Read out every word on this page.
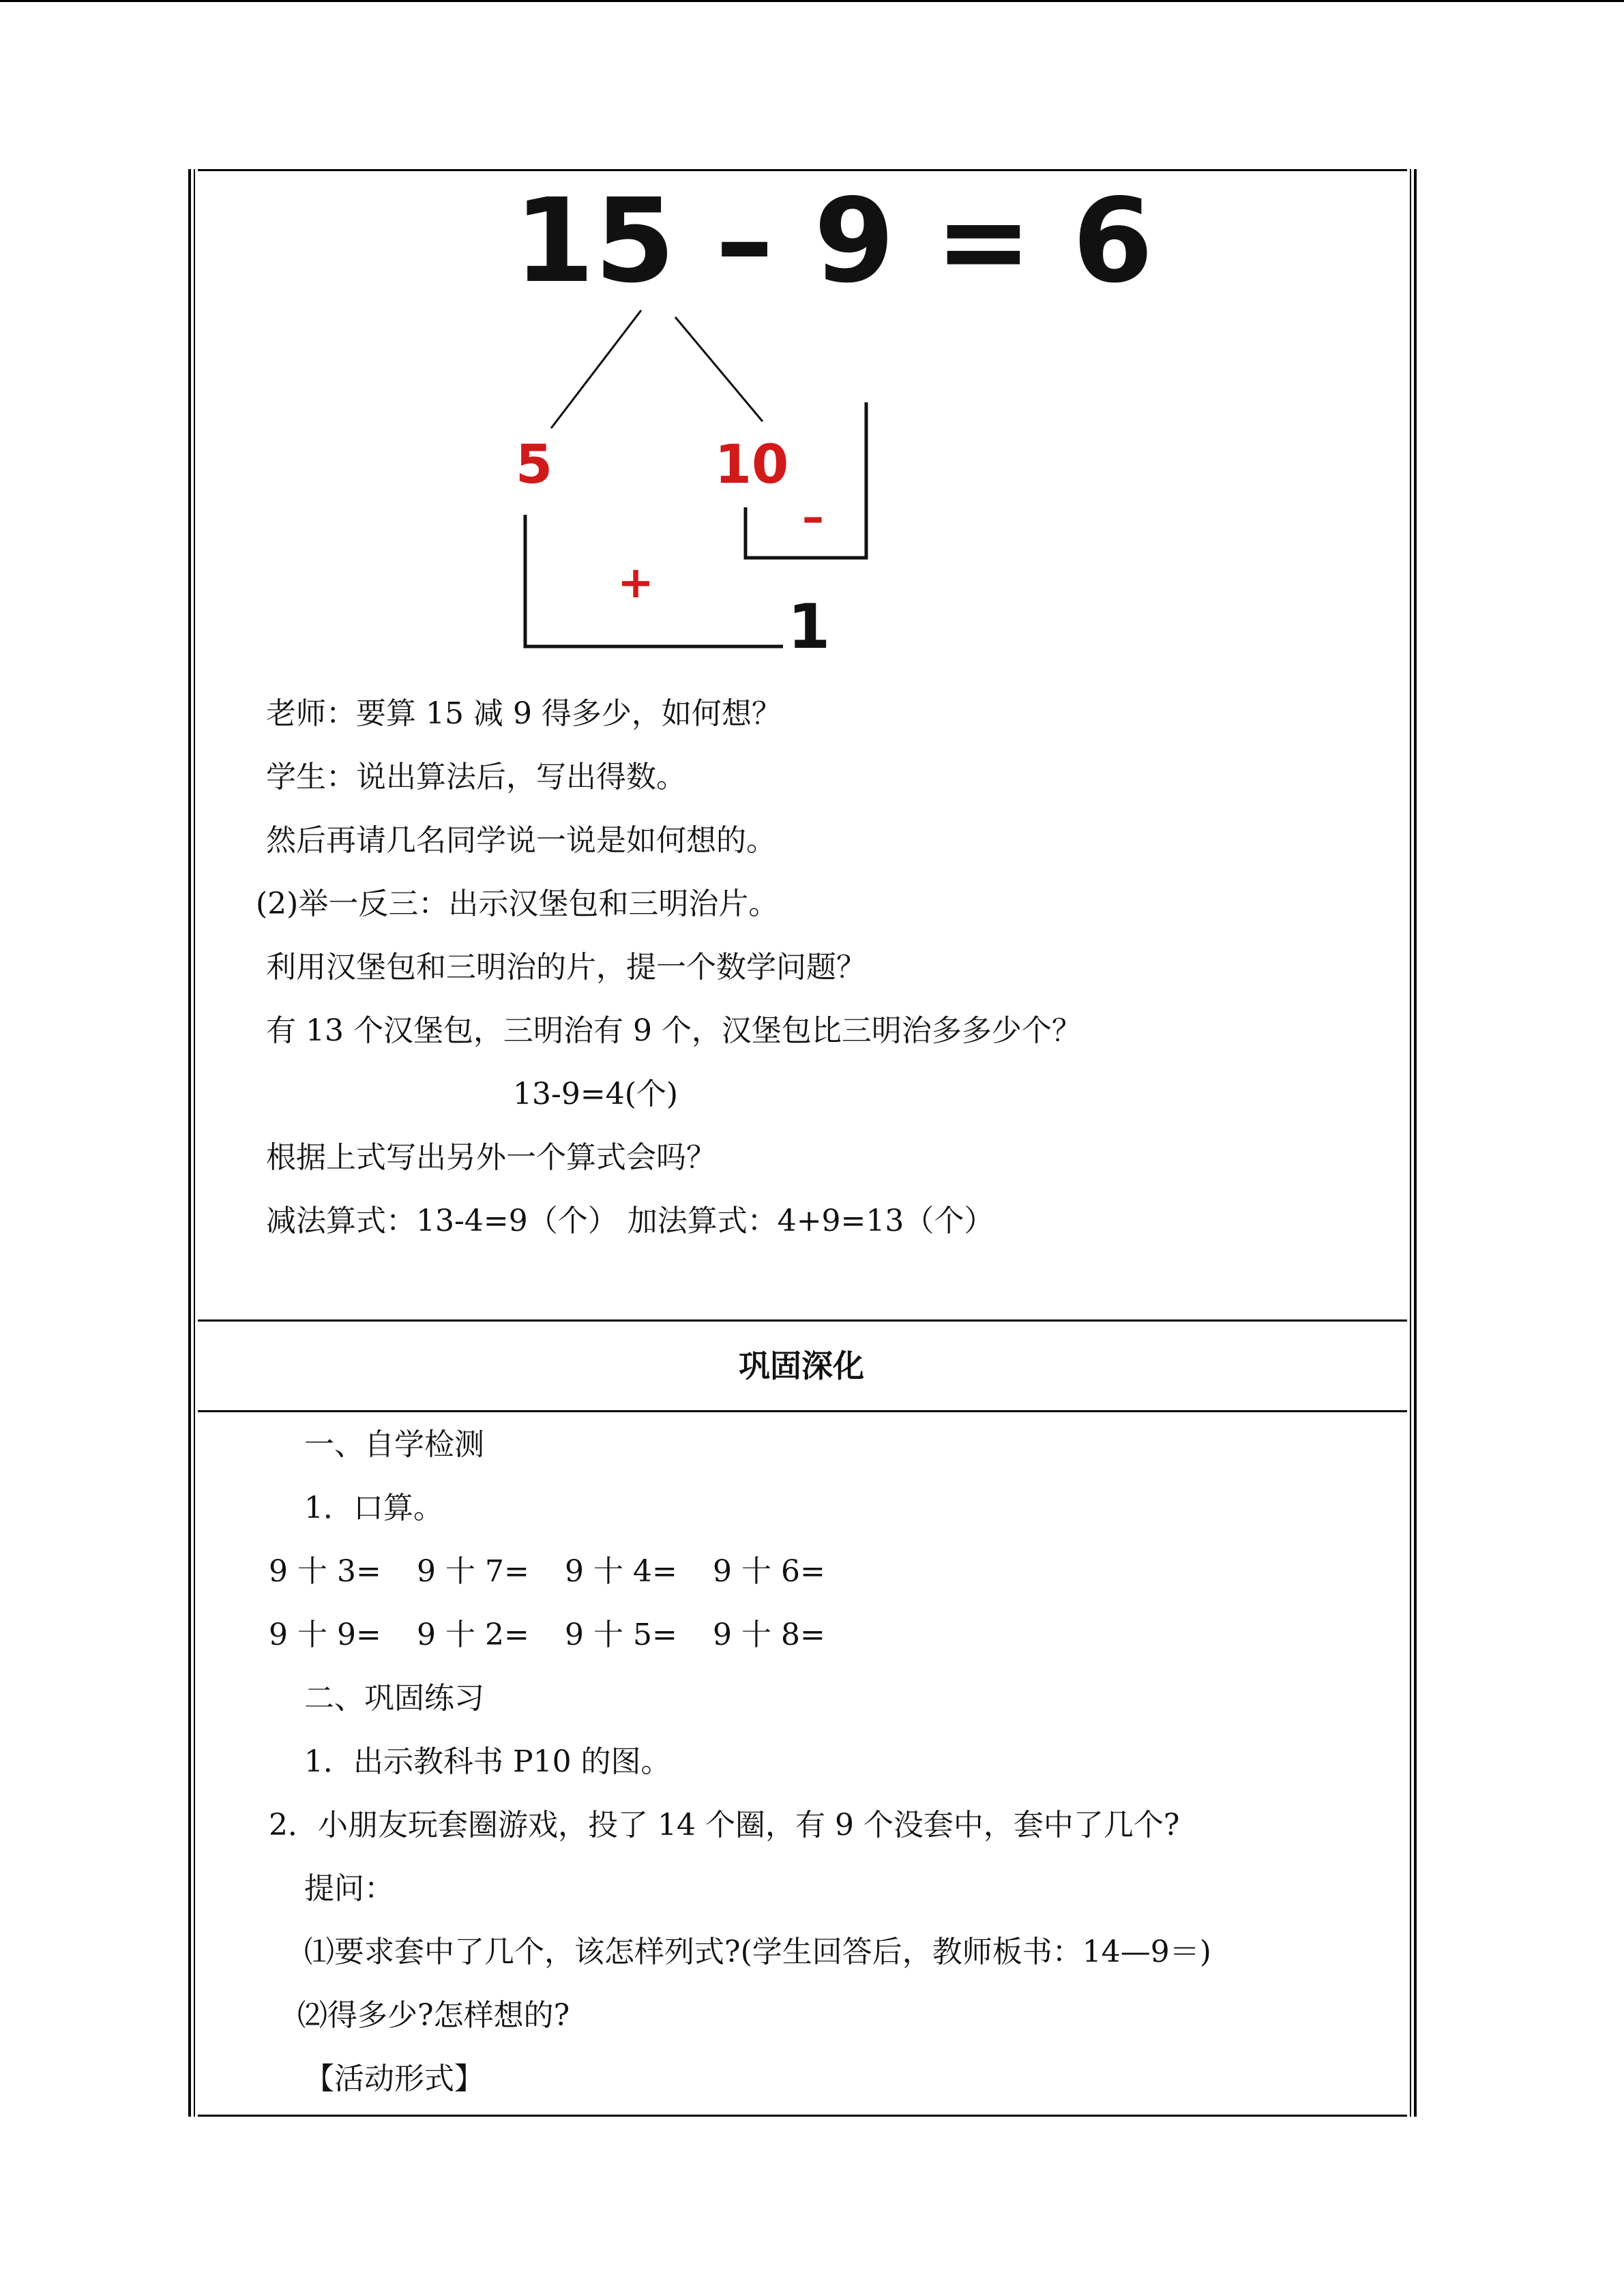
15 – 9 = 6
5	10
–
+
1
老师：要算 15 减 9 得多少，如何想？
学生：说出算法后，写出得数。
然后再请几名同学说一说是如何想的。
(2)举一反三：出示汉堡包和三明治片。
利用汉堡包和三明治的片，提一个数学问题？
有 13 个汉堡包，三明治有 9 个，汉堡包比三明治多多少个？
13-9=4(个)
根据上式写出另外一个算式会吗？
减法算式：13-4=9（个） 加法算式：4+9=13（个）
巩固深化
一、自学检测
1．口算。
9 十 3= 9 十 7= 9 十 4= 9 十 6=
9 十 9= 9 十 2= 9 十 5= 9 十 8=
二、巩固练习
1．出示教科书 P10 的图。
2．小朋友玩套圈游戏，投了 14 个圈，有 9 个没套中，套中了几个?
提问：
⑴要求套中了几个，该怎样列式?(学生回答后，教师板书：14—9＝)
⑵得多少?怎样想的?
【活动形式】
